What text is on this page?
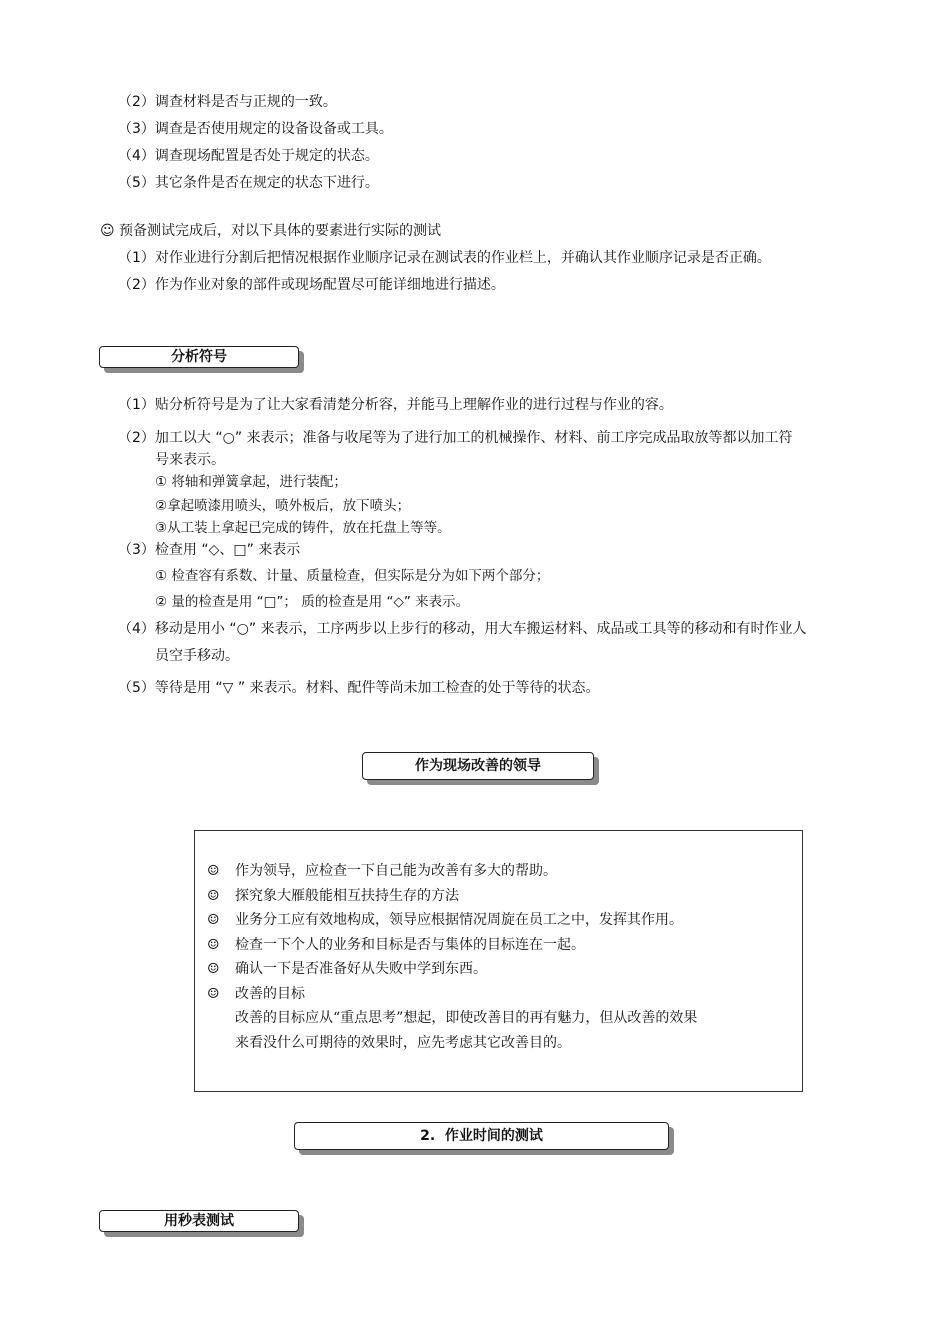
（2）调查材料是否与正规的一致。
（3）调查是否使用规定的设备设备或工具。
（4）调查现场配置是否处于规定的状态。
（5）其它条件是否在规定的状态下进行。
☺ 预备测试完成后，对以下具体的要素进行实际的测试
（1）对作业进行分割后把情况根据作业顺序记录在测试表的作业栏上，并确认其作业顺序记录是否正确。
（2）作为作业对象的部件或现场配置尽可能详细地进行描述。
分析符号
（1）贴分析符号是为了让大家看清楚分析容，并能马上理解作业的进行过程与作业的容。
（2）加工以大 “○” 来表示；准备与收尾等为了进行加工的机械操作、材料、前工序完成品取放等都以加工符
号来表示。
① 将轴和弹簧拿起，进行装配；
②拿起喷漆用喷头，喷外板后，放下喷头；
③从工装上拿起已完成的铸件，放在托盘上等等。
（3）检查用 “◇、□” 来表示
① 检查容有系数、计量、质量检查，但实际是分为如下两个部分；
② 量的检查是用 “□”； 质的检查是用 “◇” 来表示。
（4）移动是用小 “○” 来表示，工序两步以上步行的移动，用大车搬运材料、成品或工具等的移动和有时作业人
员空手移动。
（5）等待是用 “▽ ” 来表示。材料、配件等尚未加工检查的处于等待的状态。
作为现场改善的领导
☺ 作为领导，应检查一下自己能为改善有多大的帮助。
☺ 探究象大雁般能相互扶持生存的方法
☺ 业务分工应有效地构成，领导应根据情况周旋在员工之中，发挥其作用。
☺ 检查一下个人的业务和目标是否与集体的目标连在一起。
☺ 确认一下是否准备好从失败中学到东西。
☺ 改善的目标
改善的目标应从“重点思考”想起，即使改善目的再有魅力，但从改善的效果
来看没什么可期待的效果时，应先考虑其它改善目的。
2.  作业时间的测试
用秒表测试
